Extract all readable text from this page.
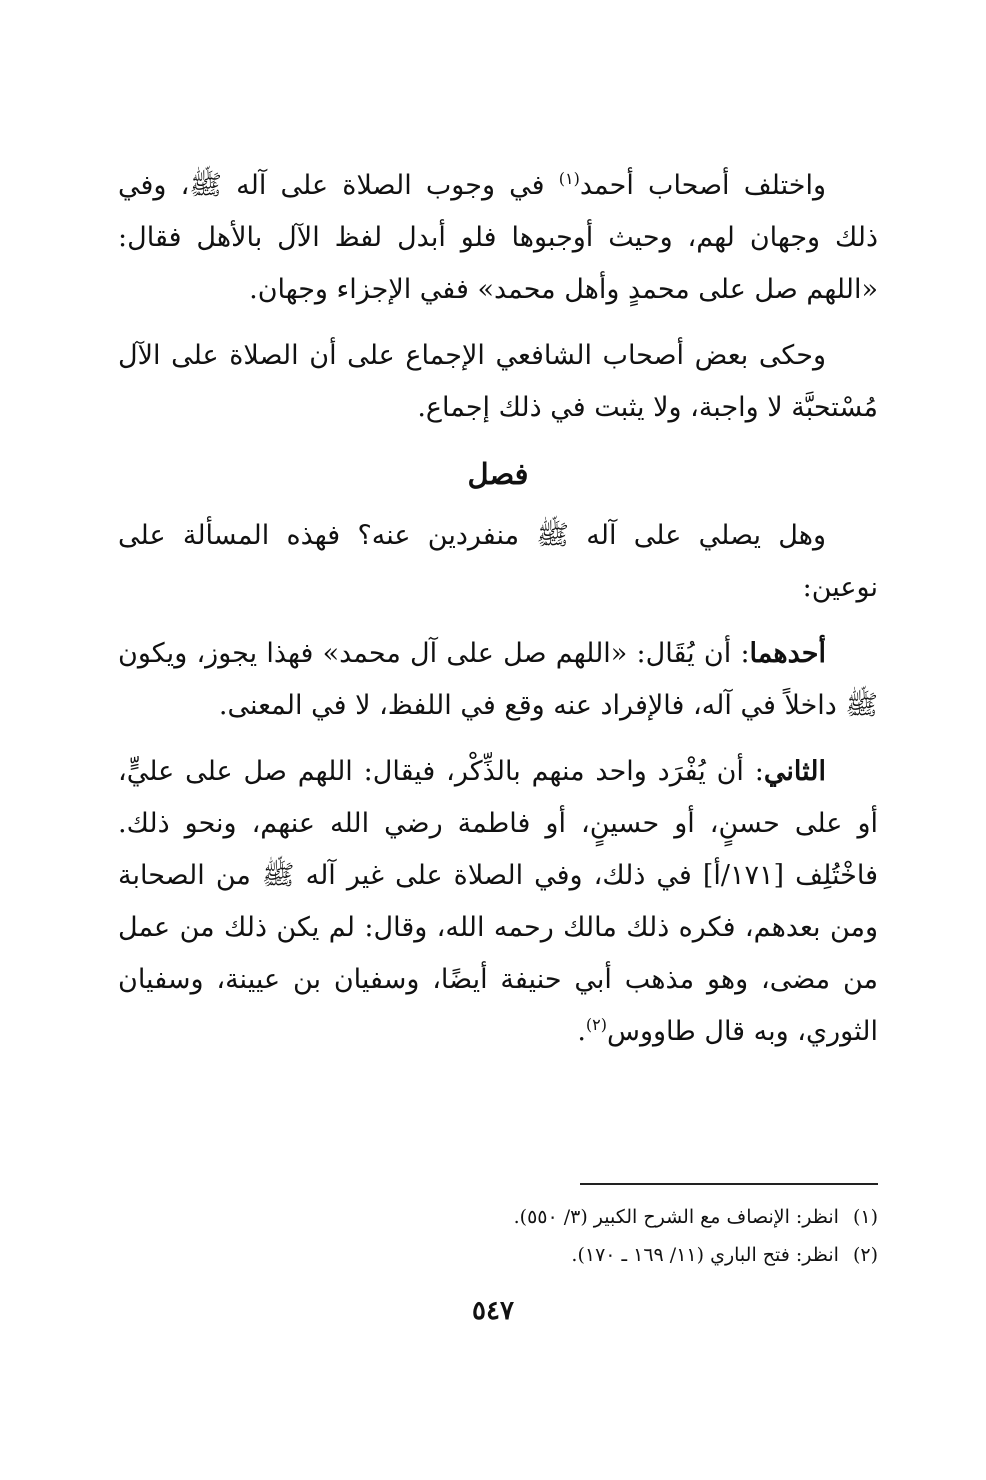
واختلف أصحاب أحمد$^{(١)}$ في وجوب الصلاة على آله ﷺ، وفي ذلك وجهان لهم، وحيث أوجبوها فلو أبدل لفظ الآل بالأهل فقال: «اللهم صل على محمدٍ وأهل محمد» ففي الإجزاء وجهان.

وحكى بعض أصحاب الشافعي الإجماع على أن الصلاة على الآل مُسْتحبَّة لا واجبة، ولا يثبت في ذلك إجماع.

فصل

وهل يصلي على آله ﷺ منفردين عنه؟ فهذه المسألة على نوعين:

أحدهما: أن يُقَال: «اللهم صل على آل محمد» فهذا يجوز، ويكون ﷺ داخلاً في آله، فالإفراد عنه وقع في اللفظ، لا في المعنى.

الثاني: أن يُفْرَد واحد منهم بالذِّكْر، فيقال: اللهم صل على عليٍّ، أو على حسنٍ، أو حسينٍ، أو فاطمة رضي الله عنهم، ونحو ذلك. فاخْتُلِف [١٧١/أ] في ذلك، وفي الصلاة على غير آله ﷺ من الصحابة ومن بعدهم، فكره ذلك مالك رحمه الله، وقال: لم يكن ذلك من عمل من مضى، وهو مذهب أبي حنيفة أيضًا، وسفيان بن عيينة، وسفيان الثوري، وبه قال طاووس$^{(٢)}$.

(١)انظر: الإنصاف مع الشرح الكبير (٣/ ٥٥٠).

(٢)انظر: فتح الباري (١١/ ١٦٩ ـ ١٧٠).

٥٤٧
